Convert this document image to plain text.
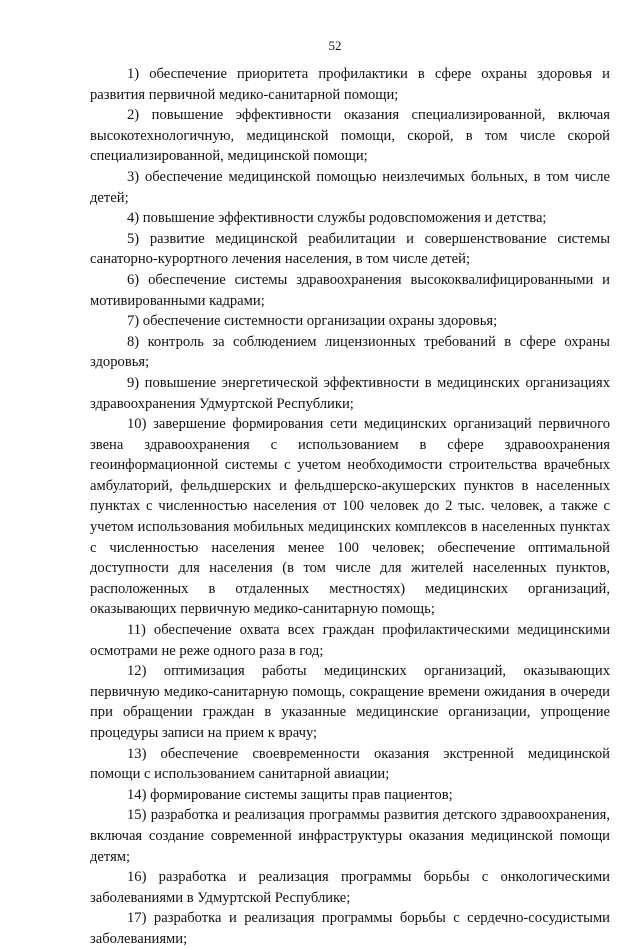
52

1) обеспечение приоритета профилактики в сфере охраны здоровья и развития первичной медико-санитарной помощи;

2) повышение эффективности оказания специализированной, включая высокотехнологичную, медицинской помощи, скорой, в том числе скорой специализированной, медицинской помощи;

3) обеспечение медицинской помощью неизлечимых больных, в том числе детей;

4) повышение эффективности службы родовспоможения и детства;

5) развитие медицинской реабилитации и совершенствование системы санаторно-курортного лечения населения, в том числе детей;

6) обеспечение системы здравоохранения высококвалифицированными и мотивированными кадрами;

7) обеспечение системности организации охраны здоровья;

8) контроль за соблюдением лицензионных требований в сфере охраны здоровья;

9) повышение энергетической эффективности в медицинских организациях здравоохранения Удмуртской Республики;

10) завершение формирования сети медицинских организаций первичного звена здравоохранения с использованием в сфере здравоохранения геоинформационной системы с учетом необходимости строительства врачебных амбулаторий, фельдшерских и фельдшерско-акушерских пунктов в населенных пунктах с численностью населения от 100 человек до 2 тыс. человек, а также с учетом использования мобильных медицинских комплексов в населенных пунктах с численностью населения менее 100 человек; обеспечение оптимальной доступности для населения (в том числе для жителей населенных пунктов, расположенных в отдаленных местностях) медицинских организаций, оказывающих первичную медико-санитарную помощь;

11) обеспечение охвата всех граждан профилактическими медицинскими осмотрами не реже одного раза в год;

12) оптимизация работы медицинских организаций, оказывающих первичную медико-санитарную помощь, сокращение времени ожидания в очереди при обращении граждан в указанные медицинские организации, упрощение процедуры записи на прием к врачу;

13) обеспечение своевременности оказания экстренной медицинской помощи с использованием санитарной авиации;

14) формирование системы защиты прав пациентов;

15) разработка и реализация программы развития детского здравоохранения, включая создание современной инфраструктуры оказания медицинской помощи детям;

16) разработка и реализация программы борьбы с онкологическими заболеваниями в Удмуртской Республике;

17) разработка и реализация программы борьбы с сердечно-сосудистыми заболеваниями;
